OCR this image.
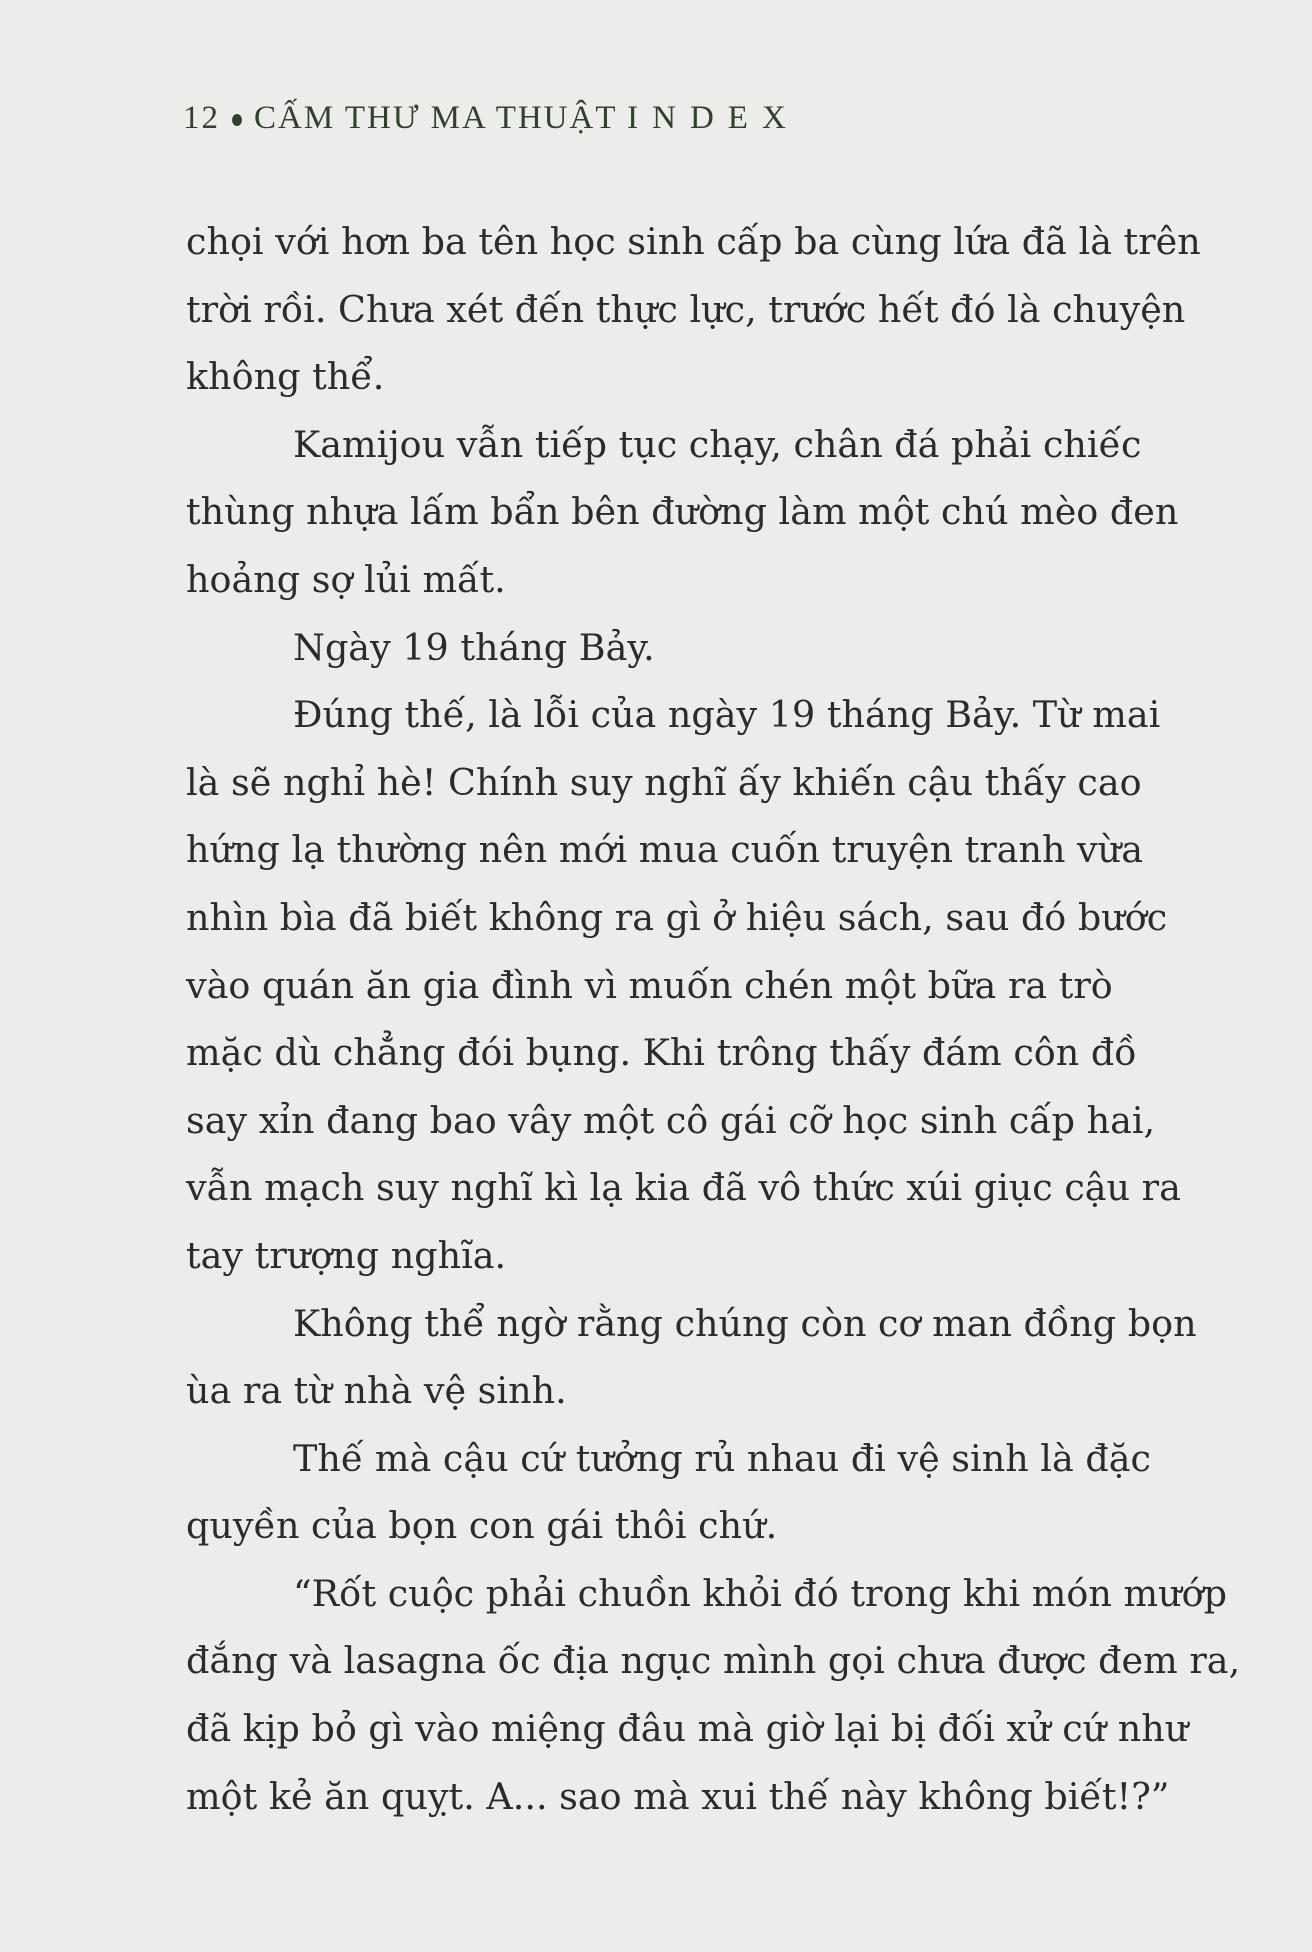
12 CẤM THƯ MA THUẬT INDEX
chọi với hơn ba tên học sinh cấp ba cùng lứa đã là trên
trời rồi. Chưa xét đến thực lực, trước hết đó là chuyện
không thể.
Kamijou vẫn tiếp tục chạy, chân đá phải chiếc
thùng nhựa lấm bẩn bên đường làm một chú mèo đen
hoảng sợ lủi mất.
Ngày 19 tháng Bảy.
Đúng thế, là lỗi của ngày 19 tháng Bảy. Từ mai
là sẽ nghỉ hè! Chính suy nghĩ ấy khiến cậu thấy cao
hứng lạ thường nên mới mua cuốn truyện tranh vừa
nhìn bìa đã biết không ra gì ở hiệu sách, sau đó bước
vào quán ăn gia đình vì muốn chén một bữa ra trò
mặc dù chẳng đói bụng. Khi trông thấy đám côn đồ
say xỉn đang bao vây một cô gái cỡ học sinh cấp hai,
vẫn mạch suy nghĩ kì lạ kia đã vô thức xúi giục cậu ra
tay trượng nghĩa.
Không thể ngờ rằng chúng còn cơ man đồng bọn
ùa ra từ nhà vệ sinh.
Thế mà cậu cứ tưởng rủ nhau đi vệ sinh là đặc
quyền của bọn con gái thôi chứ.
“Rốt cuộc phải chuồn khỏi đó trong khi món mướp
đắng và lasagna ốc địa ngục mình gọi chưa được đem ra,
đã kịp bỏ gì vào miệng đâu mà giờ lại bị đối xử cứ như
một kẻ ăn quỵt. A... sao mà xui thế này không biết!?”
